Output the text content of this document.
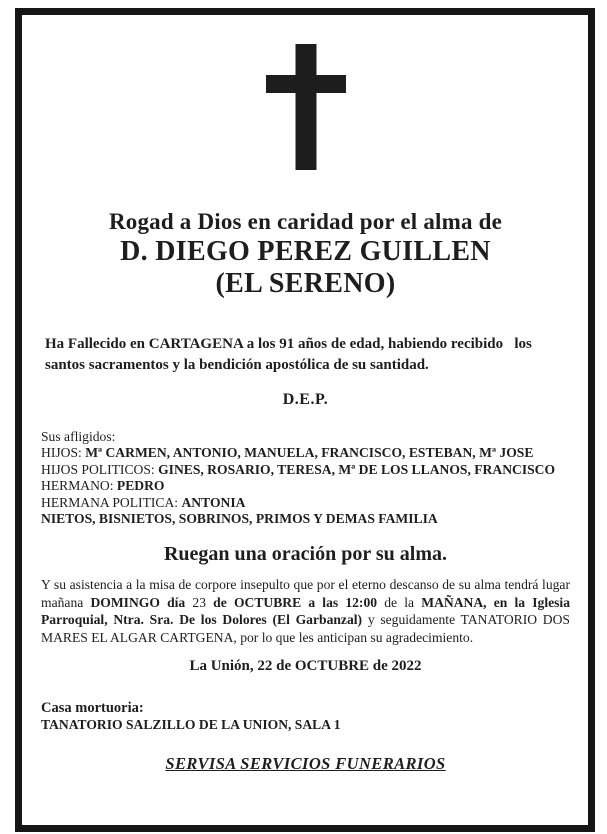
Rogad a Dios en caridad por el alma de
D. DIEGO PEREZ GUILLEN
(EL SERENO)
Ha Fallecido en CARTAGENA a los 91 años de edad, habiendo recibido   los
santos sacramentos y la bendición apostólica de su santidad.
D.E.P.
Sus afligidos:
HIJOS: Mª CARMEN, ANTONIO, MANUELA, FRANCISCO, ESTEBAN, Mª JOSE
HIJOS POLITICOS: GINES, ROSARIO, TERESA, Mª DE LOS LLANOS, FRANCISCO
HERMANO: PEDRO
HERMANA POLITICA: ANTONIA
NIETOS, BISNIETOS, SOBRINOS, PRIMOS Y DEMAS FAMILIA
Ruegan una oración por su alma.
Y su asistencia a la misa de corpore insepulto que por el eterno descanso de su alma tendrá lugar mañana DOMINGO día 23 de OCTUBRE a las 12:00 de la MAÑANA, en la Iglesia Parroquial, Ntra. Sra. De los Dolores (El Garbanzal) y seguidamente TANATORIO DOS MARES EL ALGAR CARTGENA, por lo que les anticipan su agradecimiento.
La Unión, 22 de OCTUBRE de 2022
Casa mortuoria:
TANATORIO SALZILLO DE LA UNION, SALA 1
SERVISA SERVICIOS FUNERARIOS
